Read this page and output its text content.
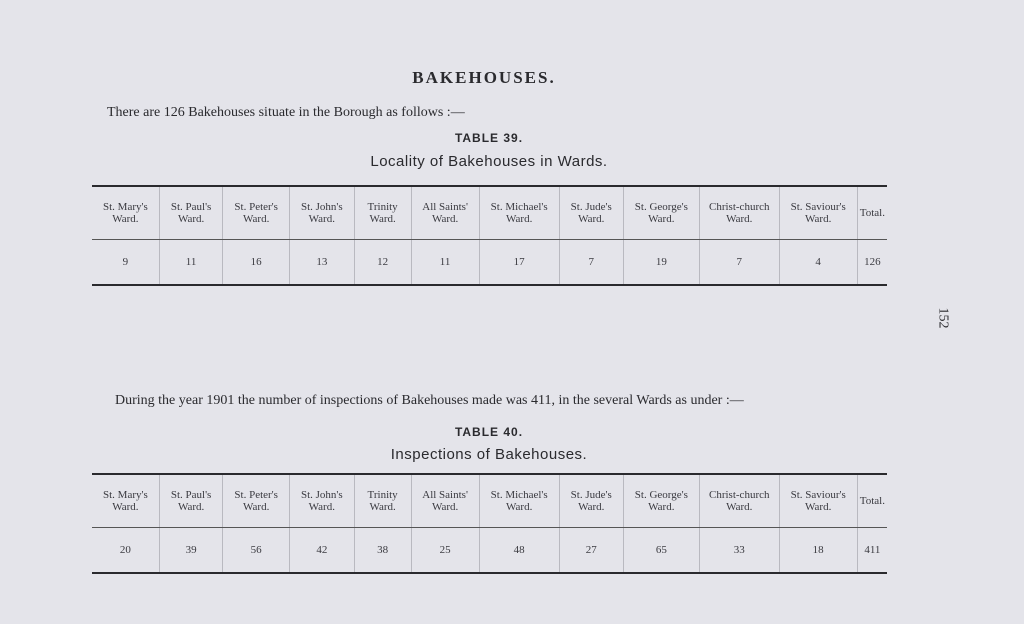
BAKEHOUSES.
There are 126 Bakehouses situate in the Borough as follows :—
TABLE 39.
Locality of Bakehouses in Wards.
St. Mary's Ward.	St. Paul's Ward.	St. Peter's Ward.	St. John's Ward.	Trinity Ward.	All Saints' Ward.	St. Michael's Ward.	St. Jude's Ward.	St. George's Ward.	Christ-church Ward.	St. Saviour's Ward.	Total.
9	11	16	13	12	11	17	7	19	7	4	126
During the year 1901 the number of inspections of Bakehouses made was 411, in the several Wards as under :—
TABLE 40.
Inspections of Bakehouses.
St. Mary's Ward.	St. Paul's Ward.	St. Peter's Ward.	St. John's Ward.	Trinity Ward.	All Saints' Ward.	St. Michael's Ward.	St. Jude's Ward.	St. George's Ward.	Christ-church Ward.	St. Saviour's Ward.	Total.
20	39	56	42	38	25	48	27	65	33	18	411
152
